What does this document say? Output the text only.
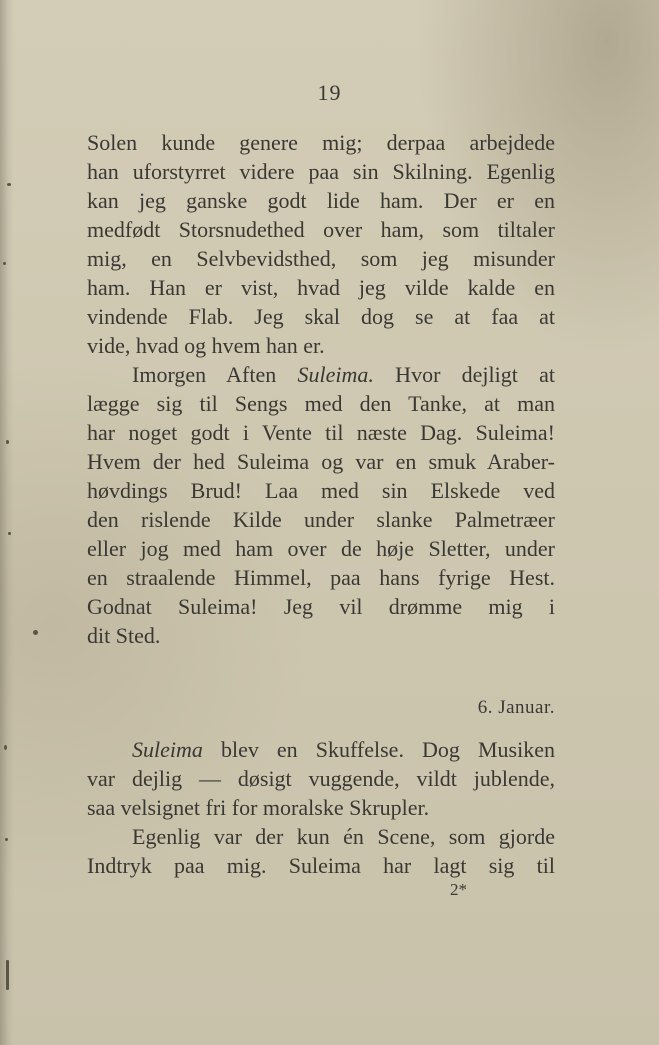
19
Solen kunde genere mig; derpaa arbejdede
han uforstyrret videre paa sin Skilning. Egenlig
kan jeg ganske godt lide ham. Der er en
medfødt Storsnudethed over ham, som tiltaler
mig, en Selvbevidsthed, som jeg misunder
ham. Han er vist, hvad jeg vilde kalde en
vindende Flab. Jeg skal dog se at faa at
vide, hvad og hvem han er.
Imorgen Aften Suleima. Hvor dejligt at
lægge sig til Sengs med den Tanke, at man
har noget godt i Vente til næste Dag. Suleima!
Hvem der hed Suleima og var en smuk Araber-
høvdings Brud! Laa med sin Elskede ved
den rislende Kilde under slanke Palmetræer
eller jog med ham over de høje Sletter, under
en straalende Himmel, paa hans fyrige Hest.
Godnat Suleima! Jeg vil drømme mig i
dit Sted.
6. Januar.
Suleima blev en Skuffelse. Dog Musiken
var dejlig — døsigt vuggende, vildt jublende,
saa velsignet fri for moralske Skrupler.
Egenlig var der kun én Scene, som gjorde
Indtryk paa mig. Suleima har lagt sig til
2*
